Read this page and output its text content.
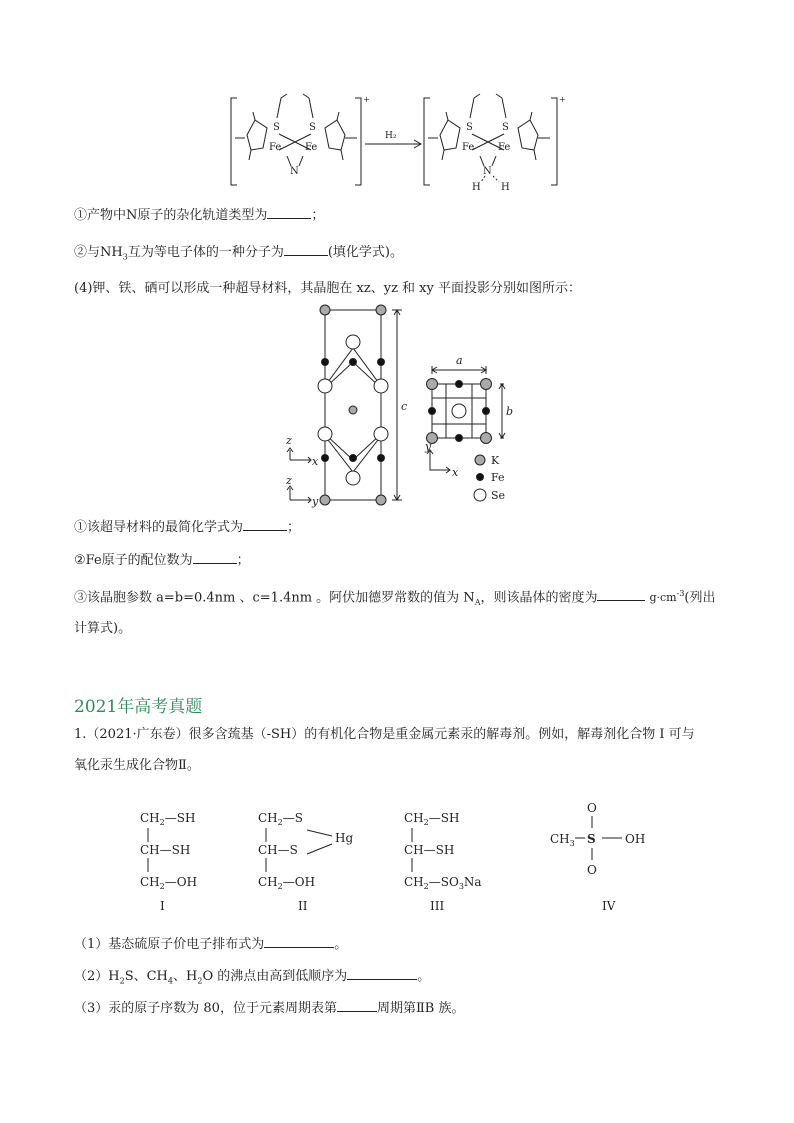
S	S
Fe Fe
N
+
H₂
S	S
Fe Fe
N
H H
+
①产物中N原子的杂化轨道类型为	；
②与$NH_3$互为等电子体的一种分子为	(填化学式)。
(4)钾、铁、硒可以形成一种超导材料，其晶胞在 xz、yz 和 xy 平面投影分别如图所示：
c
a
b
z
x
z
y
y
x
K
Fe
Se
①该超导材料的最简化学式为	；
②Fe原子的配位数为	；
③该晶胞参数 a=b=0.4nm 、c=1.4nm 。阿伏加德罗常数的值为 $N_A$，则该晶体的密度为	$g\cdot cm^{-3}$(列出
计算式)。
2021年高考真题
1.（2021·广东卷）很多含巯基（-SH）的有机化合物是重金属元素汞的解毒剂。例如，解毒剂化合物 I 可与
氧化汞生成化合物Ⅱ。
$CH_2—SH$
CH—SH
$CH_2—OH$
I
$CH_2—S$
CH—S
$CH_2—OH$
Hg
II
$CH_2—SH$
CH—SH
$CH_2—SO_3Na$
III
$CH_3$ S
O
O
OH
IV
（1）基态硫原子价电子排布式为	。
$(2)H_2S$、$CH_4$、$H_2O$ 的沸点由高到低顺序为	。
（3）汞的原子序数为 80，位于元素周期表第	周期第ⅡB 族。
